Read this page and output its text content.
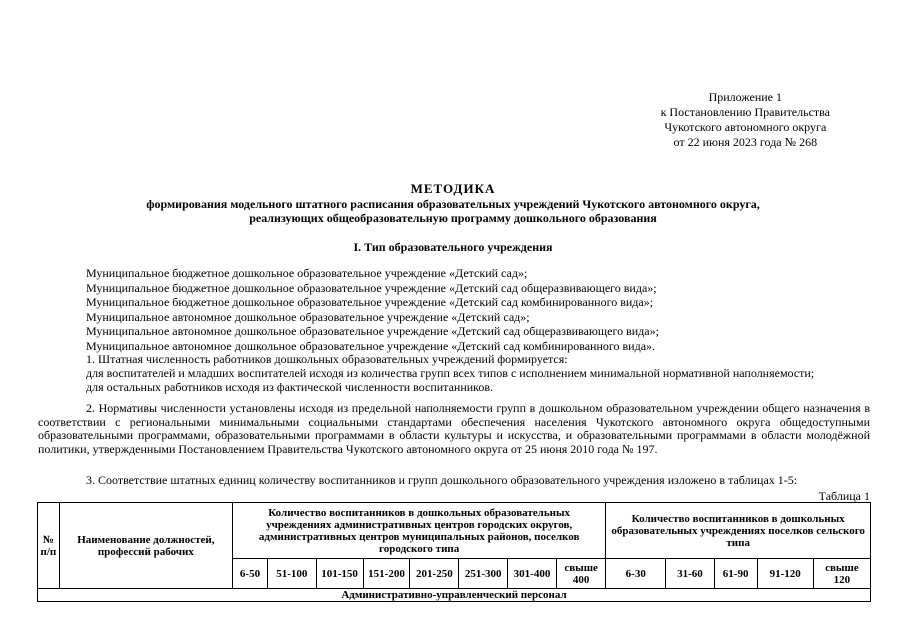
Приложение 1
к Постановлению Правительства
Чукотского автономного округа
от 22 июня 2023 года № 268
МЕТОДИКА
формирования модельного штатного расписания образовательных учреждений Чукотского автономного округа,
реализующих общеобразовательную программу дошкольного образования
I. Тип образовательного учреждения
Муниципальное бюджетное дошкольное образовательное учреждение «Детский сад»;
Муниципальное бюджетное дошкольное образовательное учреждение «Детский сад общеразвивающего вида»;
Муниципальное бюджетное дошкольное образовательное учреждение «Детский сад комбинированного вида»;
Муниципальное автономное дошкольное образовательное учреждение «Детский сад»;
Муниципальное автономное дошкольное образовательное учреждение «Детский сад общеразвивающего вида»;
Муниципальное автономное дошкольное образовательное учреждение «Детский сад комбинированного вида».
1. Штатная численность работников дошкольных образовательных учреждений формируется:
для воспитателей и младших воспитателей исходя из количества групп всех типов с исполнением минимальной нормативной наполняемости;
для остальных работников исходя из фактической численности воспитанников.
2. Нормативы численности установлены исходя из предельной наполняемости групп в дошкольном образовательном учреждении общего назначения в соответствии с региональными минимальными социальными стандартами обеспечения населения Чукотского автономного округа общедоступными образовательными программами, образовательными программами в области культуры и искусства, и образовательными программами в области молодёжной политики, утвержденными Постановлением Правительства Чукотского автономного округа от 25 июня 2010 года № 197.
3. Соответствие штатных единиц количеству воспитанников и групп дошкольного образовательного учреждения изложено в таблицах 1-5:
Таблица 1
№ п/п	Наименование должностей, профессий рабочих	Количество воспитанников в дошкольных образовательных учреждениях административных центров городских округов, административных центров муниципальных районов, поселков городского типа								Количество воспитанников в дошкольных образовательных учреждениях поселков сельского типа				
		6-50	51-100	101-150	151-200	201-250	251-300	301-400	свыше 400	6-30	31-60	61-90	91-120	свыше 120
Административно-управленческий персонал														
